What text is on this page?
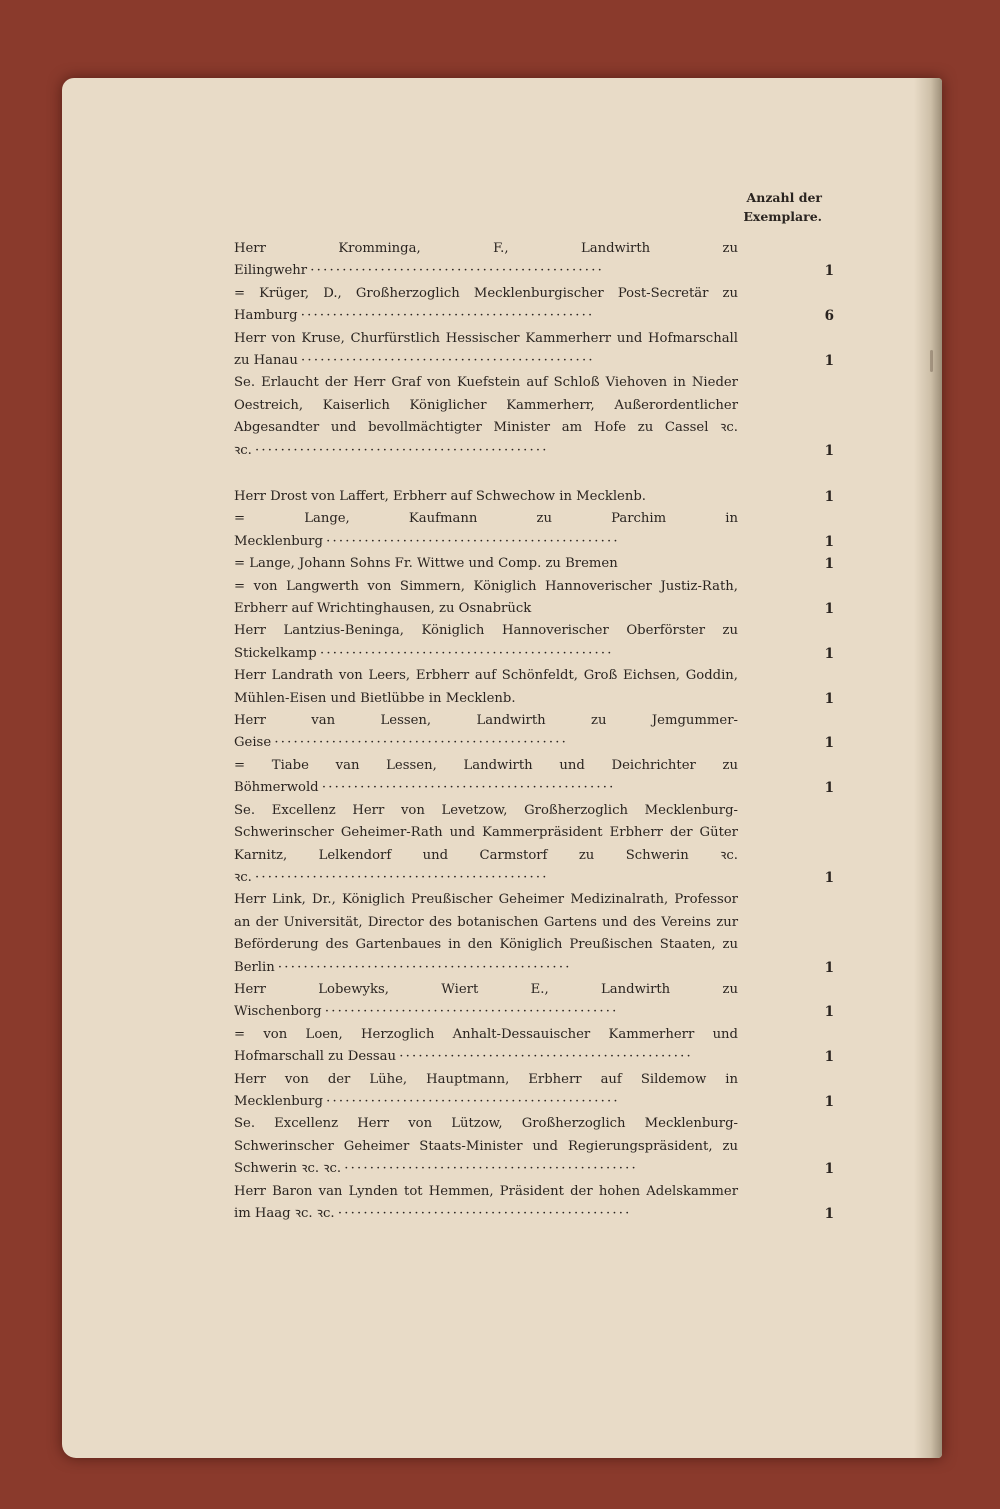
Anzahl der
Exemplare.
Herr Kromminga, F., Landwirth zu Eilingwehr · · ·	1
= Krüger, D., Großherzoglich Mecklenburgischer Post-Secretär zu Hamburg · · ·	6
Herr von Kruse, Churfürstlich Hessischer Kammerherr und Hofmarschall zu Hanau · · ·	1
Se. Erlaucht der Herr Graf von Kuefstein auf Schloß Viehoven in Nieder Oestreich, Kaiserlich Königlicher Kammerherr, Außerordentlicher Abgesandter und bevollmächtigter Minister am Hofe zu Cassel ꝛc. ꝛc. · · ·	1
Herr Drost von Laffert, Erbherr auf Schwechow in Mecklenb.	1
= Lange, Kaufmann zu Parchim in Mecklenburg · · ·	1
= Lange, Johann Sohns Fr. Wittwe und Comp. zu Bremen	1
= von Langwerth von Simmern, Königlich Hannoverischer Justiz-Rath, Erbherr auf Wrichtinghausen, zu Osnabrück	1
Herr Lantzius-Beninga, Königlich Hannoverischer Oberförster zu Stickelkamp · · ·	1
Herr Landrath von Leers, Erbherr auf Schönfeldt, Groß Eichsen, Goddin, Mühlen-Eisen und Bietlübbe in Mecklenb.	1
Herr van Lessen, Landwirth zu Jemgummer-Geise · · ·	1
= Tiabe van Lessen, Landwirth und Deichrichter zu Böhmerwold · · ·	1
Se. Excellenz Herr von Levetzow, Großherzoglich Mecklenburg-Schwerinscher Geheimer-Rath und Kammerpräsident Erbherr der Güter Karnitz, Lelkendorf und Carmstorf zu Schwerin ꝛc. ꝛc. · · ·	1
Herr Link, Dr., Königlich Preußischer Geheimer Medizinalrath, Professor an der Universität, Director des botanischen Gartens und des Vereins zur Beförderung des Gartenbaues in den Königlich Preußischen Staaten, zu Berlin · · ·	1
Herr Lobewyks, Wiert E., Landwirth zu Wischenborg · · ·	1
= von Loen, Herzoglich Anhalt-Dessauischer Kammerherr und Hofmarschall zu Dessau · · ·	1
Herr von der Lühe, Hauptmann, Erbherr auf Sildemow in Mecklenburg · · ·	1
Se. Excellenz Herr von Lützow, Großherzoglich Mecklenburg-Schwerinscher Geheimer Staats-Minister und Regierungspräsident, zu Schwerin ꝛc. ꝛc. · · ·	1
Herr Baron van Lynden tot Hemmen, Präsident der hohen Adelskammer im Haag ꝛc. ꝛc. · · ·	1
